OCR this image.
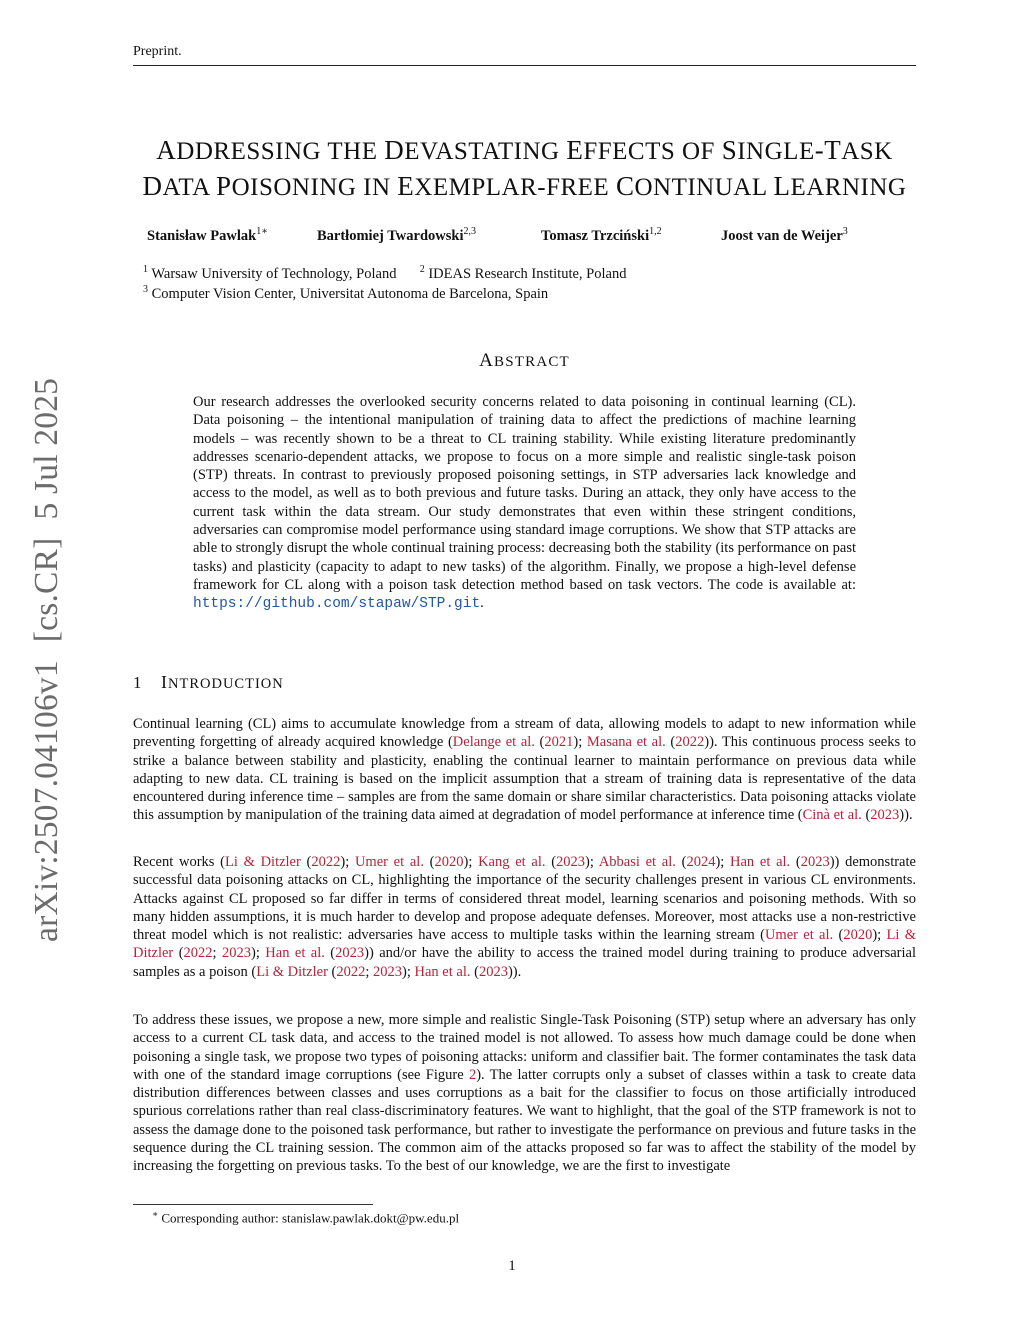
Preprint.
arXiv:2507.04106v1[cs.CR]5 Jul 2025
ADDRESSING THE DEVASTATING EFFECTS OF SINGLE-TASK
DATA POISONING IN EXEMPLAR-FREE CONTINUAL LEARNING
Stanisław Pawlak$^{1∗}$	Bartłomiej Twardowski$^{2,3}$	Tomasz Trzciński$^{1,2}$	Joost van de Weijer$^3$
$^1$ Warsaw University of Technology, Poland $^2$ IDEAS Research Institute, Poland
$^3$ Computer Vision Center, Universitat Autonoma de Barcelona, Spain
ABSTRACT
Our research addresses the overlooked security concerns related to data poisoning in continual learning (CL). Data poisoning – the intentional manipulation of training data to affect the predictions of machine learning models – was recently shown to be a threat to CL training stability. While existing literature predominantly addresses scenario-dependent attacks, we propose to focus on a more simple and realistic single-task poison (STP) threats. In contrast to previously proposed poisoning settings, in STP adversaries lack knowledge and access to the model, as well as to both previous and future tasks. During an attack, they only have access to the current task within the data stream. Our study demonstrates that even within these stringent conditions, adversaries can compromise model performance using standard image corruptions. We show that STP attacks are able to strongly disrupt the whole continual training process: decreasing both the stability (its performance on past tasks) and plasticity (capacity to adapt to new tasks) of the algorithm. Finally, we propose a high-level defense framework for CL along with a poison task detection method based on task vectors. The code is available at: https://github.com/stapaw/STP.git.
1 INTRODUCTION

Continual learning (CL) aims to accumulate knowledge from a stream of data, allowing models to adapt to new information while preventing forgetting of already acquired knowledge (Delange et al. (2021); Masana et al. (2022)). This continuous process seeks to strike a balance between stability and plasticity, enabling the continual learner to maintain performance on previous data while adapting to new data. CL training is based on the implicit assumption that a stream of training data is representative of the data encountered during inference time – samples are from the same domain or share similar characteristics. Data poisoning attacks violate this assumption by manipulation of the training data aimed at degradation of model performance at inference time (Cinà et al. (2023)).

Recent works (Li & Ditzler (2022); Umer et al. (2020); Kang et al. (2023); Abbasi et al. (2024); Han et al. (2023)) demonstrate successful data poisoning attacks on CL, highlighting the importance of the security challenges present in various CL environments. Attacks against CL proposed so far differ in terms of considered threat model, learning scenarios and poisoning methods. With so many hidden assumptions, it is much harder to develop and propose adequate defenses. Moreover, most attacks use a non-restrictive threat model which is not realistic: adversaries have access to multiple tasks within the learning stream (Umer et al. (2020); Li & Ditzler (2022; 2023); Han et al. (2023)) and/or have the ability to access the trained model during training to produce adversarial samples as a poison (Li & Ditzler (2022; 2023); Han et al. (2023)).

To address these issues, we propose a new, more simple and realistic Single-Task Poisoning (STP) setup where an adversary has only access to a current CL task data, and access to the trained model is not allowed. To assess how much damage could be done when poisoning a single task, we propose two types of poisoning attacks: uniform and classifier bait. The former contaminates the task data with one of the standard image corruptions (see Figure 2). The latter corrupts only a subset of classes within a task to create data distribution differences between classes and uses corruptions as a bait for the classifier to focus on those artificially introduced spurious correlations rather than real class-discriminatory features. We want to highlight, that the goal of the STP framework is not to assess the damage done to the poisoned task performance, but rather to investigate the performance on previous and future tasks in the sequence during the CL training session. The common aim of the attacks proposed so far was to affect the stability of the model by increasing the forgetting on previous tasks. To the best of our knowledge, we are the first to investigate

∗ Corresponding author: stanislaw.pawlak.dokt@pw.edu.pl
1
